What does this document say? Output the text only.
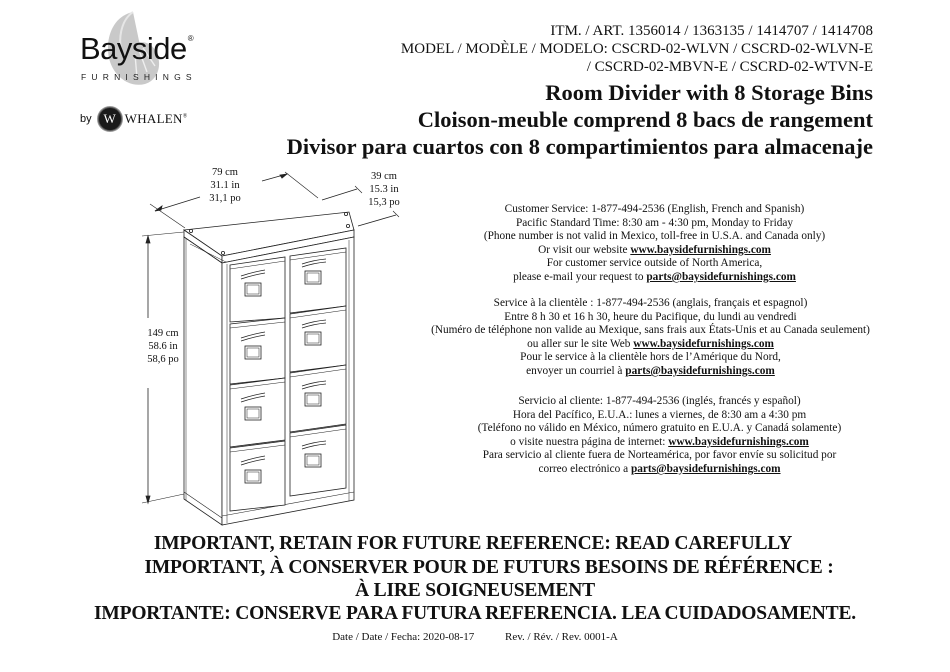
Bayside®
FURNISHINGS
by W WHALEN®
ITM. / ART. 1356014 / 1363135 / 1414707 / 1414708
MODEL / MODÈLE / MODELO: CSCRD-02-WLVN / CSCRD-02-WLVN-E
/ CSCRD-02-MBVN-E / CSCRD-02-WTVN-E
Room Divider with 8 Storage Bins
Cloison-meuble comprend 8 bacs de rangement
Divisor para cuartos con 8 compartimientos para almacenaje
79 cm
31.1 in
31,1 po
39 cm
15.3 in
15,3 po
149 cm
58.6 in
58,6 po

Customer Service: 1-877-494-2536 (English, French and Spanish)

Pacific Standard Time: 8:30 am - 4:30 pm, Monday to Friday

(Phone number is not valid in Mexico, toll-free in U.S.A. and Canada only)

Or visit our website www.baysidefurnishings.com

For customer service outside of North America,

please e-mail your request to parts@baysidefurnishings.com

Service à la clientèle : 1-877-494-2536 (anglais, français et espagnol)

Entre 8 h 30 et 16 h 30, heure du Pacifique, du lundi au vendredi

(Numéro de téléphone non valide au Mexique, sans frais aux États-Unis et au Canada seulement)

ou aller sur le site Web www.baysidefurnishings.com

Pour le service à la clientèle hors de l’Amérique du Nord,

envoyer un courriel à parts@baysidefurnishings.com

Servicio al cliente: 1-877-494-2536 (inglés, francés y español)

Hora del Pacífico, E.U.A.: lunes a viernes, de 8:30 am a 4:30 pm

(Teléfono no válido en México, número gratuito en E.U.A. y Canadá solamente)

o visite nuestra página de internet: www.baysidefurnishings.com

Para servicio al cliente fuera de Norteamérica, por favor envíe su solicitud por

correo electrónico a parts@baysidefurnishings.com

IMPORTANT, RETAIN FOR FUTURE REFERENCE: READ CAREFULLY
IMPORTANT, À CONSERVER POUR DE FUTURS BESOINS DE RÉFÉRENCE :
À LIRE SOIGNEUSEMENT
IMPORTANTE: CONSERVE PARA FUTURA REFERENCIA. LEA CUIDADOSAMENTE.
Date / Date / Fecha: 2020-08-17	Rev. / Rév. / Rev. 0001-A
